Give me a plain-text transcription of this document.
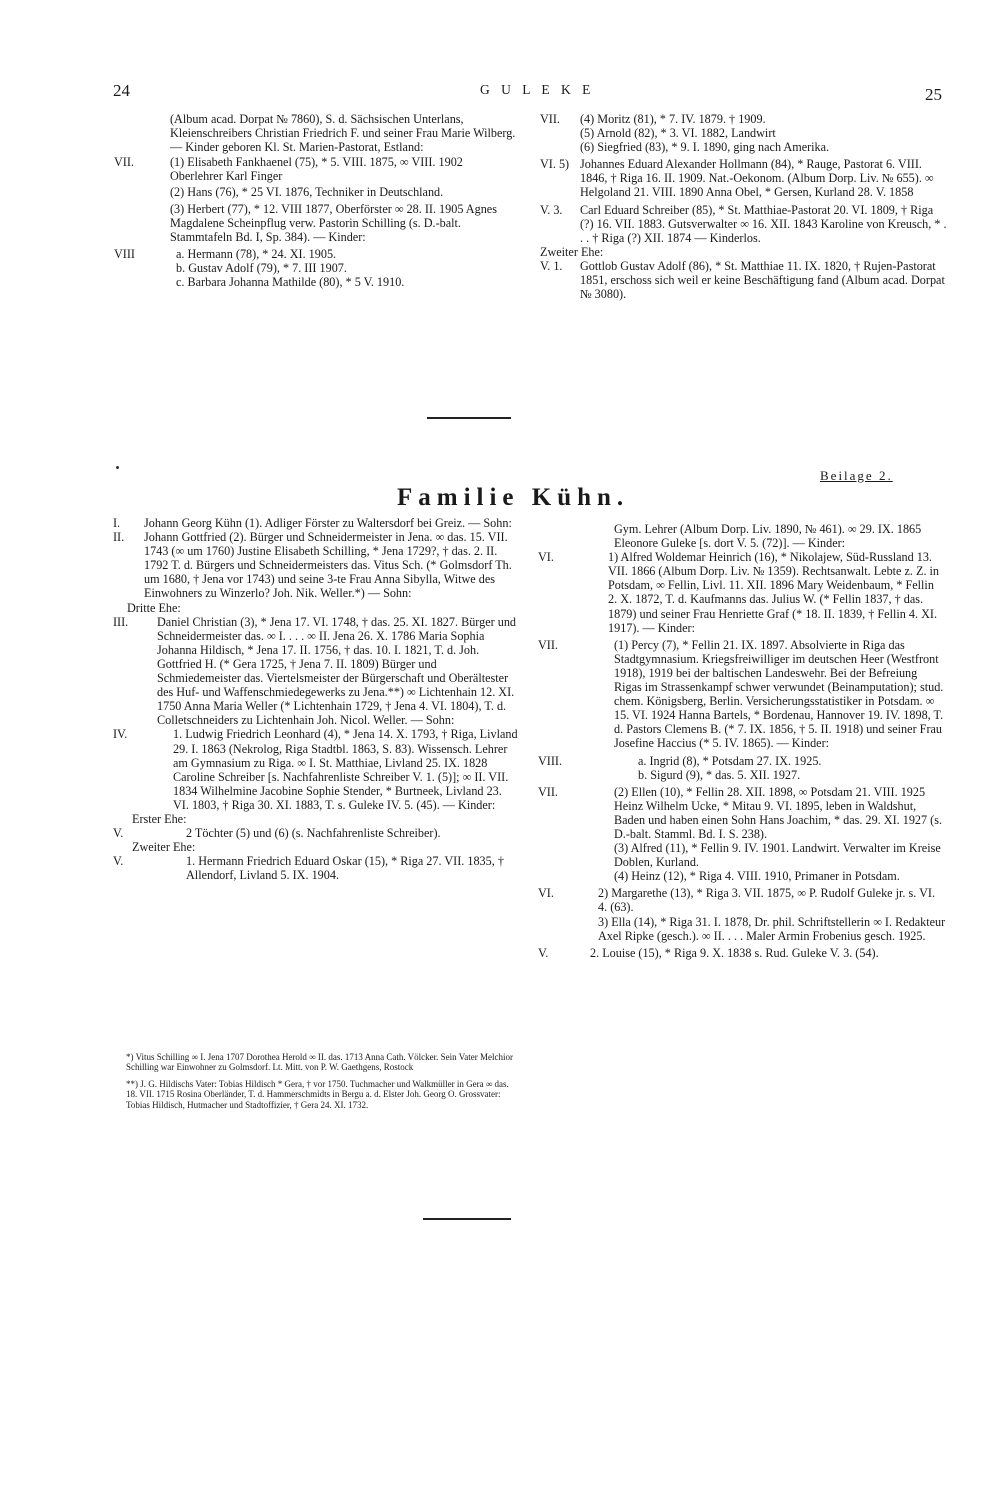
24	G U L E K E	25
(Album acad. Dorpat № 7860), S. d. Sächsischen Unterlans, Kleienschreibers Christian Friedrich F. und seiner Frau Marie Wilberg. — Kinder geboren Kl. St. Marien-Pastorat, Estland:
VII.	(1) Elisabeth Fankhaenel (75), * 5. VIII. 1875, ∞ VIII. 1902 Oberlehrer Karl Finger
(2) Hans (76), * 25 VI. 1876, Techniker in Deutschland.
(3) Herbert (77), * 12. VIII 1877, Oberförster ∞ 28. II. 1905 Agnes Magdalene Scheinpflug verw. Pastorin Schilling (s. D.-balt. Stammtafeln Bd. I, Sp. 384). — Kinder:
VIII	a. Hermann (78), * 24. XI. 1905.
b. Gustav Adolf (79), * 7. III 1907.
c. Barbara Johanna Mathilde (80), * 5 V. 1910.
VII. (4) Moritz (81), * 7. IV. 1879. † 1909.
(5) Arnold (82), * 3. VI. 1882, Landwirt
(6) Siegfried (83), * 9. I. 1890, ging nach Amerika.
VI. 5) Johannes Eduard Alexander Hollmann (84), * Rauge, Pastorat 6. VIII. 1846, † Riga 16. II. 1909. Nat.-Oekonom. (Album Dorp. Liv. № 655). ∞ Helgoland 21. VIII. 1890 Anna Obel, * Gersen, Kurland 28. V. 1858
V. 3. Carl Eduard Schreiber (85), * St. Matthiae-Pastorat 20. VI. 1809, † Riga (?) 16. VII. 1883. Gutsverwalter ∞ 16. XII. 1843 Karoline von Kreusch, * . . . † Riga (?) XII. 1874 — Kinderlos.
Zweiter Ehe:
V. 1. Gottlob Gustav Adolf (86), * St. Matthiae 11. IX. 1820, † Rujen-Pastorat 1851, erschoss sich weil er keine Beschäftigung fand (Album acad. Dorpat № 3080).
Beilage 2.
Familie Kühn.
I. Johann Georg Kühn (1). Adliger Förster zu Waltersdorf bei Greiz. — Sohn:
II. Johann Gottfried (2). Bürger und Schneidermeister in Jena. ∞ das. 15. VII. 1743 (∞ um 1760) Justine Elisabeth Schilling, * Jena 1729?, † das. 2. II. 1792 T. d. Bürgers und Schneidermeisters das. Vitus Sch. (* Golmsdorf Th. um 1680, † Jena vor 1743) und seine 3-te Frau Anna Sibylla, Witwe des Einwohners zu Winzerlo? Joh. Nik. Weller.*) — Sohn:
Dritte Ehe:
III. Daniel Christian (3), * Jena 17. VI. 1748, † das. 25. XI. 1827. Bürger und Schneidermeister das. ∞ I. . . . ∞ II. Jena 26. X. 1786 Maria Sophia Johanna Hildisch, * Jena 17. II. 1756, † das. 10. I. 1821, T. d. Joh. Gottfried H. (* Gera 1725, † Jena 7. II. 1809) Bürger und Schmiedemeister das. Viertelsmeister der Bürgerschaft und Oberältester des Huf- und Waffenschmiedegewerks zu Jena.**) ∞ Lichtenhain 12. XI. 1750 Anna Maria Weller (* Lichtenhain 1729, † Jena 4. VI. 1804), T. d. Colletschneiders zu Lichtenhain Joh. Nicol. Weller. — Sohn:
IV.	1. Ludwig Friedrich Leonhard (4), * Jena 14. X. 1793, † Riga, Livland 29. I. 1863 (Nekrolog, Riga Stadtbl. 1863, S. 83). Wissensch. Lehrer am Gymnasium zu Riga. ∞ I. St. Matthiae, Livland 25. IX. 1828 Caroline Schreiber [s. Nachfahrenliste Schreiber V. 1. (5)]; ∞ II. VII. 1834 Wilhelmine Jacobine Sophie Stender, * Burtneek, Livland 23. VI. 1803, † Riga 30. XI. 1883, T. s. Guleke IV. 5. (45). — Kinder:
Erster Ehe:
V.	2 Töchter (5) und (6) (s. Nachfahrenliste Schreiber).
Zweiter Ehe:
V.	1. Hermann Friedrich Eduard Oskar (15), * Riga 27. VII. 1835, † Allendorf, Livland 5. IX. 1904.
*) Vitus Schilling ∞ I. Jena 1707 Dorothea Herold ∞ II. das. 1713 Anna Cath. Völcker. Sein Vater Melchior Schilling war Einwohner zu Golmsdorf. Lt. Mitt. von P. W. Gaethgens, Rostock
**) J. G. Hildischs Vater: Tobias Hildisch * Gera, † vor 1750. Tuchmacher und Walkmüller in Gera ∞ das. 18. VII. 1715 Rosina Oberländer, T. d. Hammerschmidts in Bergu a. d. Elster Joh. Georg O. Grossvater: Tobias Hildisch, Hutmacher und Stadtoffizier, † Gera 24. XI. 1732.
Gym. Lehrer (Album Dorp. Liv. 1890, № 461). ∞ 29. IX. 1865 Eleonore Guleke [s. dort V. 5. (72)]. — Kinder:
VI.	1) Alfred Woldemar Heinrich (16), * Nikolajew, Süd-Russland 13. VII. 1866 (Album Dorp. Liv. № 1359). Rechtsanwalt. Lebte z. Z. in Potsdam, ∞ Fellin, Livl. 11. XII. 1896 Mary Weidenbaum, * Fellin 2. X. 1872, T. d. Kaufmanns das. Julius W. (* Fellin 1837, † das. 1879) und seiner Frau Henriette Graf (* 18. II. 1839, † Fellin 4. XI. 1917). — Kinder:
VII.	(1) Percy (7), * Fellin 21. IX. 1897. Absolvierte in Riga das Stadtgymnasium. Kriegsfreiwilliger im deutschen Heer (Westfront 1918), 1919 bei der baltischen Landeswehr. Bei der Befreiung Rigas im Strassenkampf schwer verwundet (Beinamputation); stud. chem. Königsberg, Berlin. Versicherungsstatistiker in Potsdam. ∞ 15. VI. 1924 Hanna Bartels, * Bordenau, Hannover 19. IV. 1898, T. d. Pastors Clemens B. (* 7. IX. 1856, † 5. II. 1918) und seiner Frau Josefine Haccius (* 5. IV. 1865). — Kinder:
VIII.	a. Ingrid (8), * Potsdam 27. IX. 1925.
b. Sigurd (9), * das. 5. XII. 1927.
VII.	(2) Ellen (10), * Fellin 28. XII. 1898, ∞ Potsdam 21. VIII. 1925 Heinz Wilhelm Ucke, * Mitau 9. VI. 1895, leben in Waldshut, Baden und haben einen Sohn Hans Joachim, * das. 29. XI. 1927 (s. D.-balt. Stamml. Bd. I. S. 238).
(3) Alfred (11), * Fellin 9. IV. 1901. Landwirt. Verwalter im Kreise Doblen, Kurland.
(4) Heinz (12), * Riga 4. VIII. 1910, Primaner in Potsdam.
VI.	2) Margarethe (13), * Riga 3. VII. 1875, ∞ P. Rudolf Guleke jr. s. VI. 4. (63).
3) Ella (14), * Riga 31. I. 1878, Dr. phil. Schriftstellerin ∞ I. Redakteur Axel Ripke (gesch.). ∞ II. . . . Maler Armin Frobenius gesch. 1925.
V.	2. Louise (15), * Riga 9. X. 1838 s. Rud. Guleke V. 3. (54).
